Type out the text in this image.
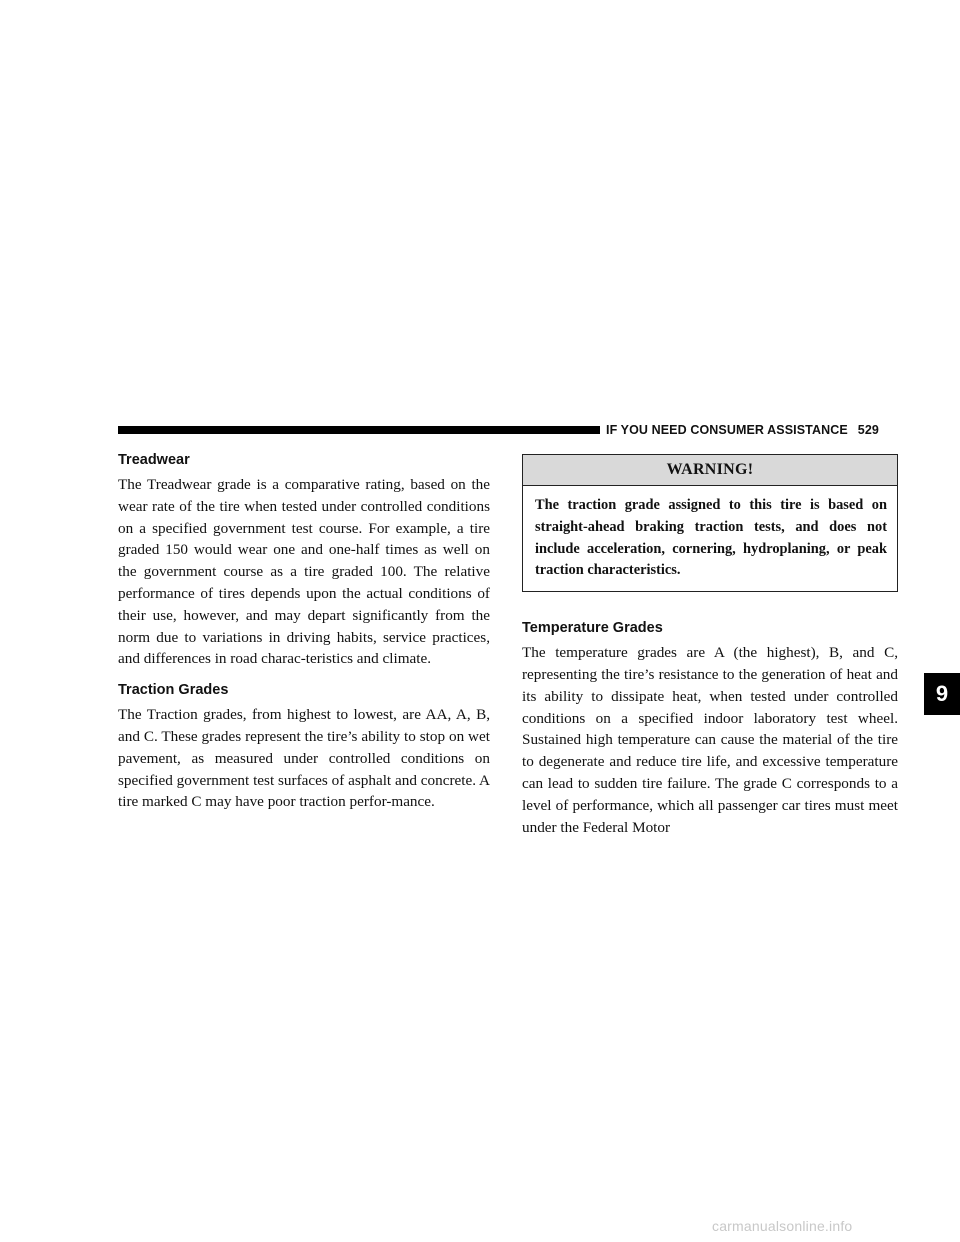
IF YOU NEED CONSUMER ASSISTANCE 529
Treadwear

The Treadwear grade is a comparative rating, based on the wear rate of the tire when tested under controlled conditions on a specified government test course. For example, a tire graded 150 would wear one and one-half times as well on the government course as a tire graded 100. The relative performance of tires depends upon the actual conditions of their use, however, and may depart significantly from the norm due to variations in driving habits, service practices, and differences in road charac-teristics and climate.

Traction Grades

The Traction grades, from highest to lowest, are AA, A, B, and C. These grades represent the tire’s ability to stop on wet pavement, as measured under controlled conditions on specified government test surfaces of asphalt and concrete. A tire marked C may have poor traction perfor-mance.

WARNING!
The traction grade assigned to this tire is based on straight-ahead braking traction tests, and does not include acceleration, cornering, hydroplaning, or peak traction characteristics.
Temperature Grades

The temperature grades are A (the highest), B, and C, representing the tire’s resistance to the generation of heat and its ability to dissipate heat, when tested under controlled conditions on a specified indoor laboratory test wheel. Sustained high temperature can cause the material of the tire to degenerate and reduce tire life, and excessive temperature can lead to sudden tire failure. The grade C corresponds to a level of performance, which all passenger car tires must meet under the Federal Motor

9
carmanualsonline.info
